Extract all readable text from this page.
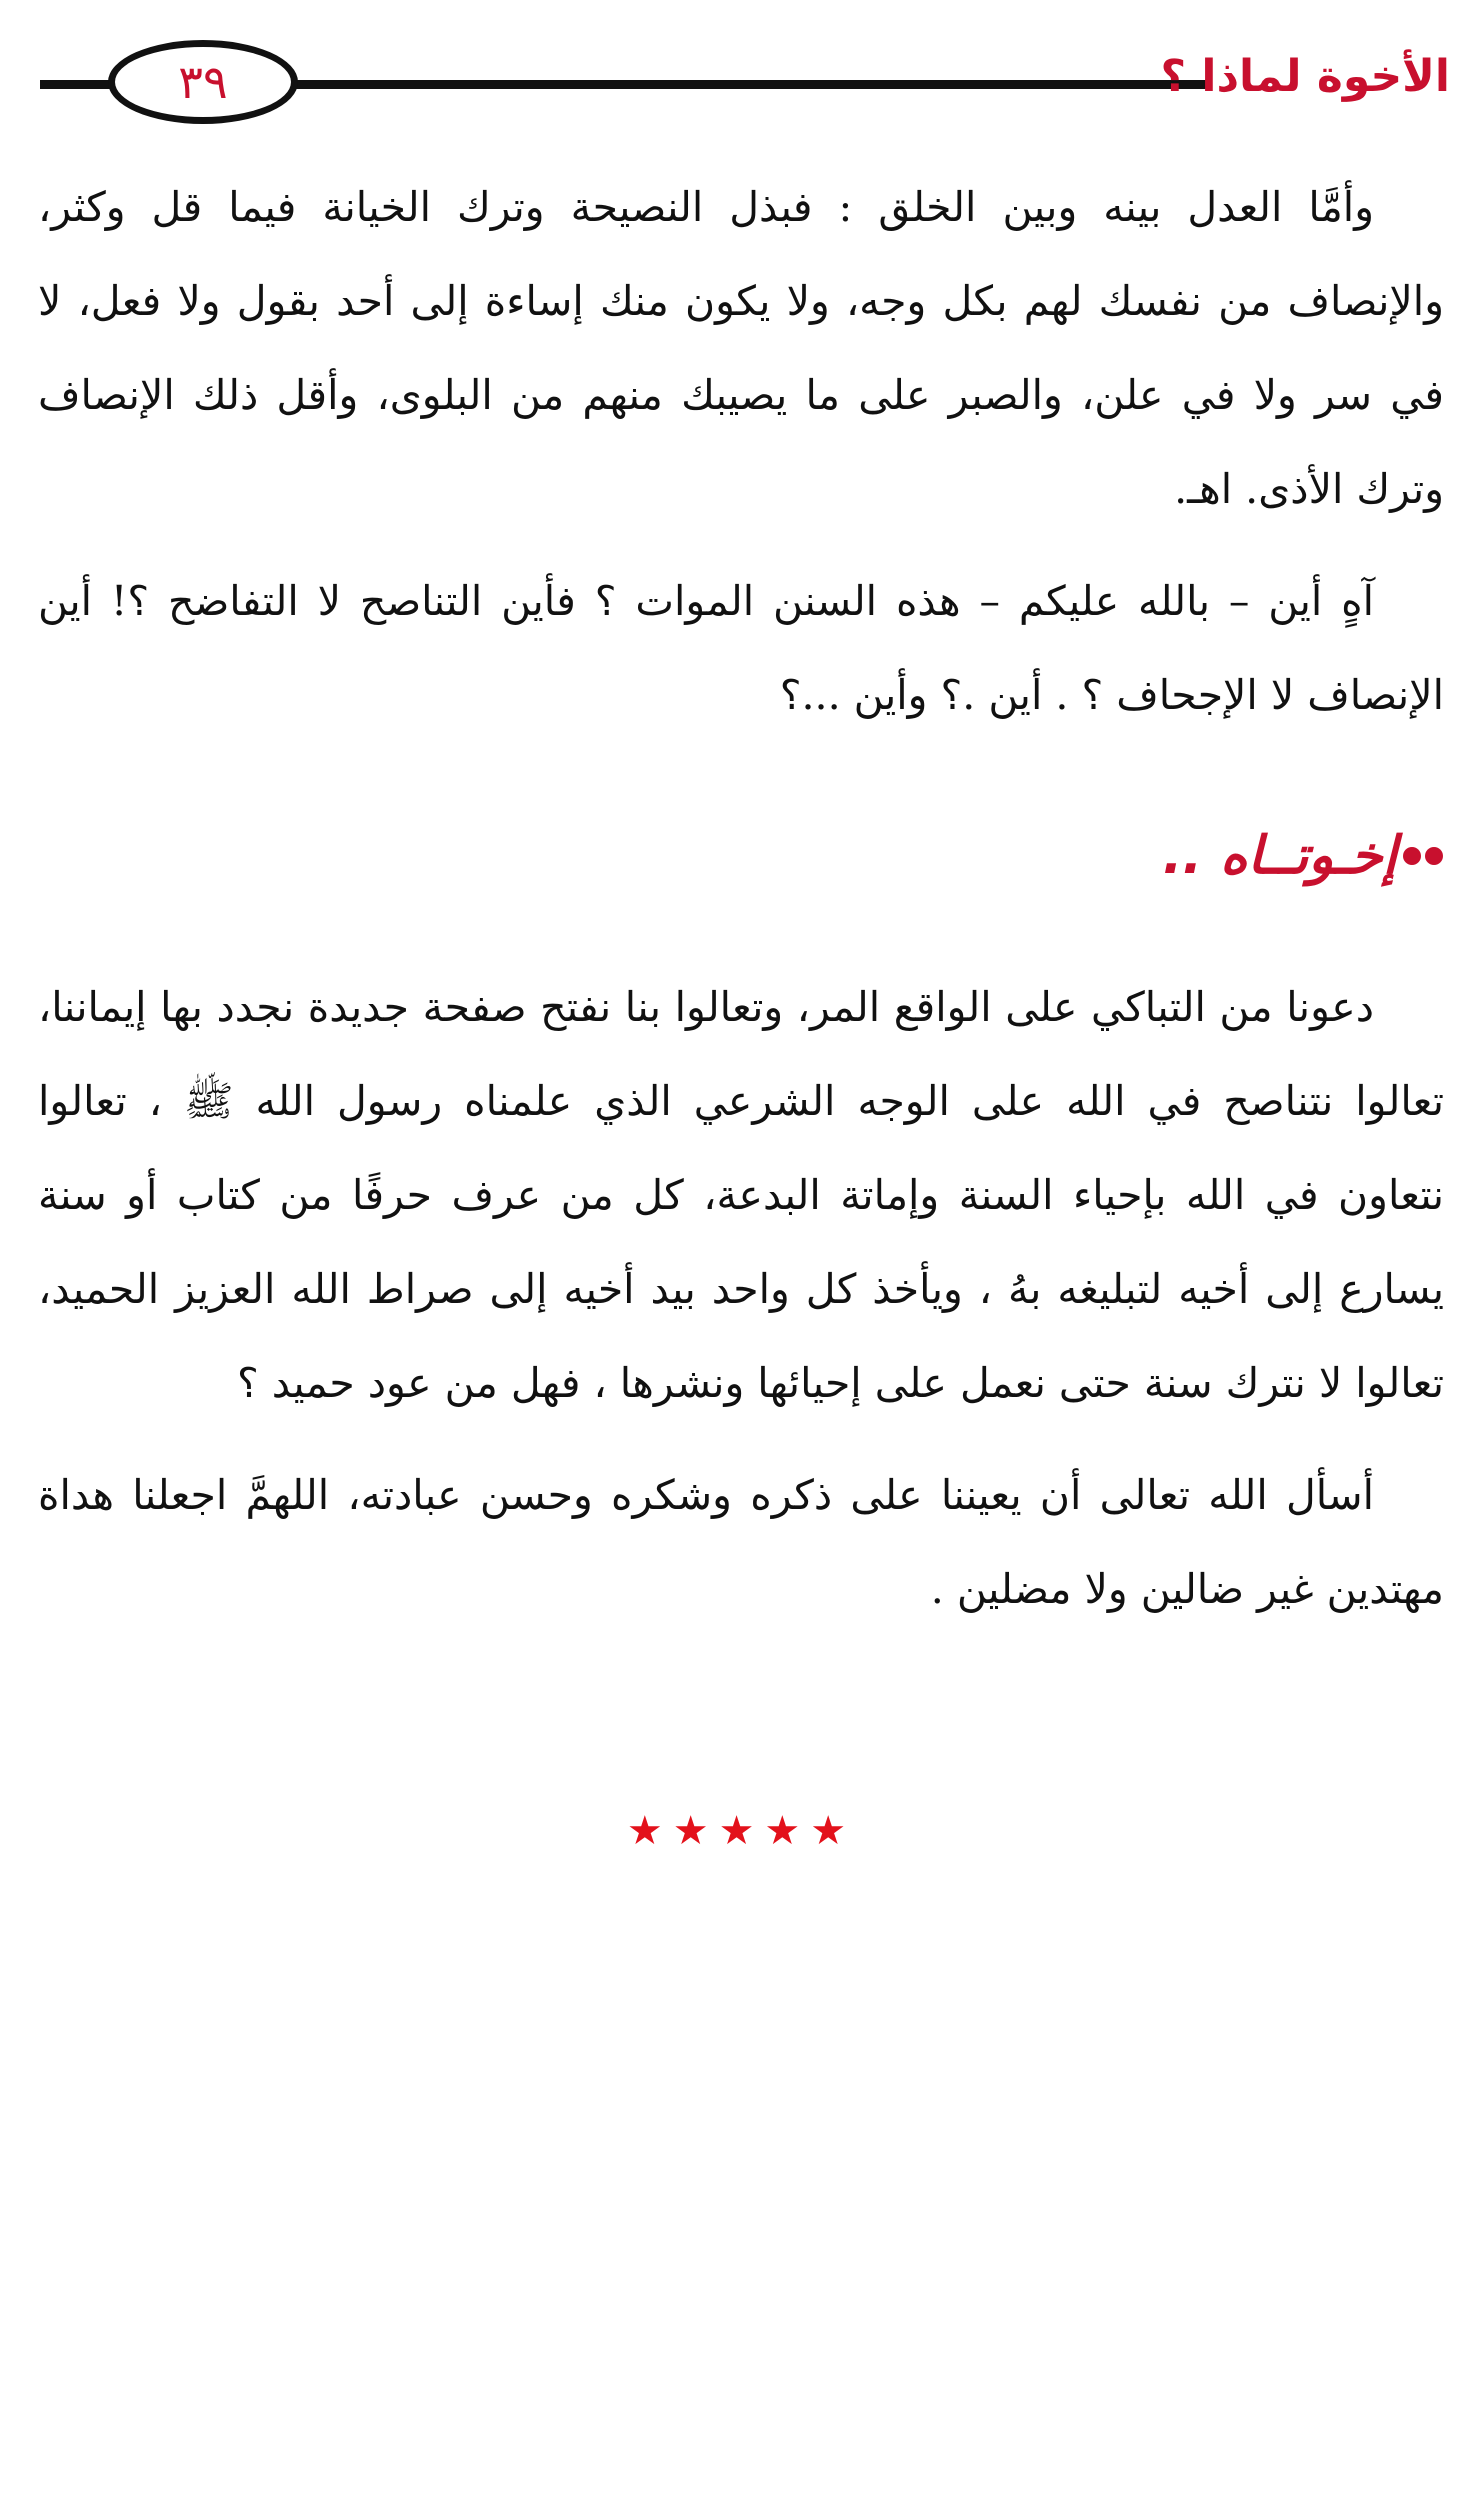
٣٩	الأخوة لماذا ؟

وأمَّا العدل بينه وبين الخلق : فبذل النصيحة وترك الخيانة فيما قل وكثر، والإنصاف من نفسك لهم بكل وجه، ولا يكون منك إساءة إلى أحد بقول ولا فعل، لا في سر ولا في علن، والصبر على ما يصيبك منهم من البلوى، وأقل ذلك الإنصاف وترك الأذى. اهـ.

آهٍ أين – بالله عليكم – هذه السنن الموات ؟ فأين التناصح لا التفاضح ؟! أين الإنصاف لا الإجحاف ؟ . أين .؟ وأين ...؟

إخـوتــاه ..

دعونا من التباكي على الواقع المر، وتعالوا بنا نفتح صفحة جديدة نجدد بها إيماننا، تعالوا نتناصح في الله على الوجه الشرعي الذي علمناه رسول الله ﷺ ، تعالوا نتعاون في الله بإحياء السنة وإماتة البدعة، كل من عرف حرفًا من كتاب أو سنة يسارع إلى أخيه لتبليغه بهُ ، ويأخذ كل واحد بيد أخيه إلى صراط الله العزيز الحميد، تعالوا لا نترك سنة حتى نعمل على إحيائها ونشرها ، فهل من عود حميد ؟

أسأل الله تعالى أن يعيننا على ذكره وشكره وحسن عبادته، اللهمَّ اجعلنا هداة مهتدين غير ضالين ولا مضلين .

★★★★★
